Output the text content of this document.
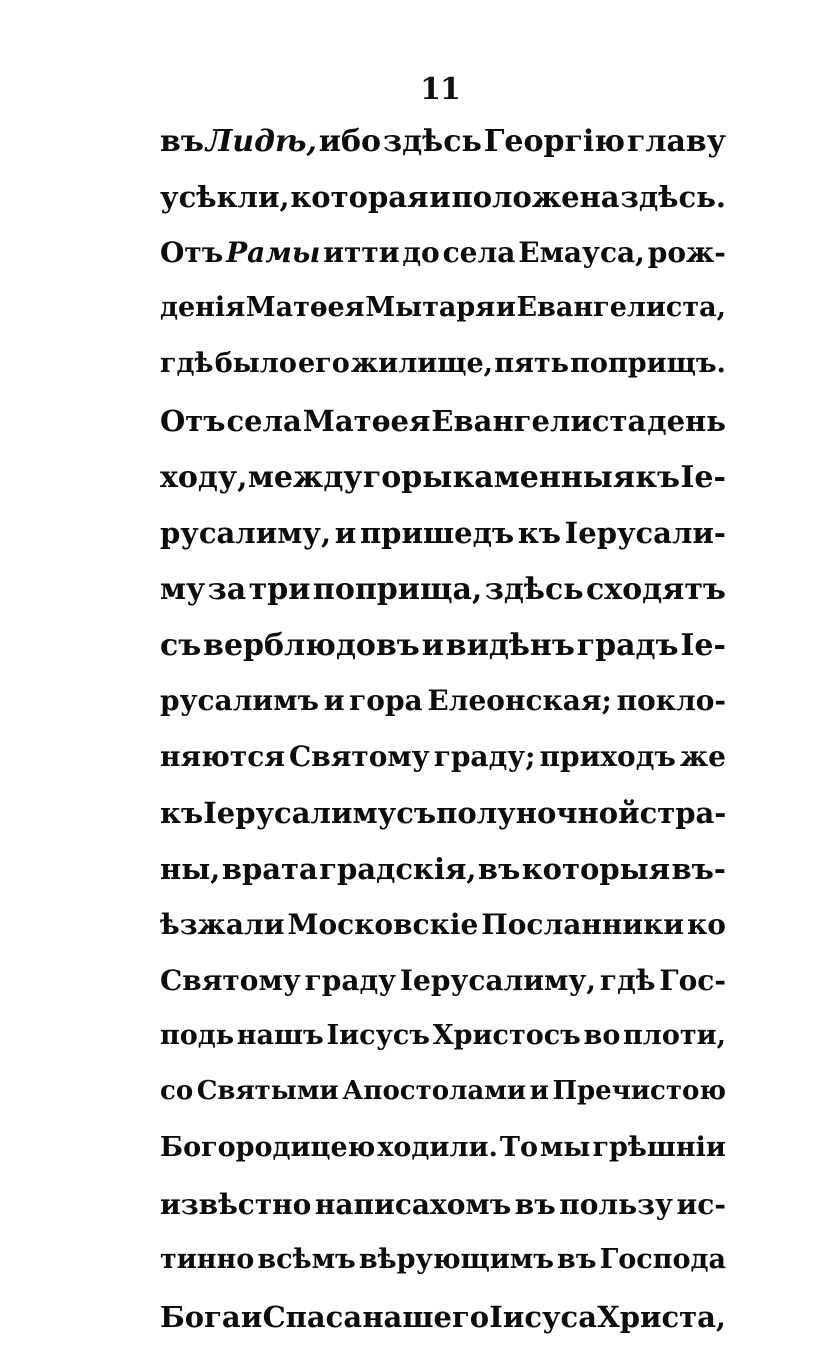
11
въ Лидѣ, ибо здѣсь Георгію главу
усѣкли, которая и положена здѣсь.
Отъ Рамы итти до села Емауса, рож-
денія Матѳея Мытаря и Евангелиста,
гдѣ было его жилище, пять поприщъ.
Отъ села Матѳея Евангелиста день
ходу, между горы каменныя къ Іе-
русалиму, и пришедъ къ Іерусали-
му за три поприща, здѣсь сходятъ
съ верблюдовъ и видѣнъ градъ Іе-
русалимъ и гора Елеонская; покло-
няются Святому граду; приходъ же
къ Іерусалиму съ полуночной стра-
ны, врата градскія, въ которыя въ-
ѣзжали Московскіе Посланники ко
Святому граду Іерусалиму, гдѣ Гос-
подь нашъ Іисусъ Христосъ во плоти,
со Святыми Апостолами и Пречистою
Богородицею ходили. То мы грѣшніи
извѣстно написахомъ въ пользу ис-
тинно всѣмъ вѣрующимъ въ Господа
Бога и Спаса нашего Іисуса Христа,
